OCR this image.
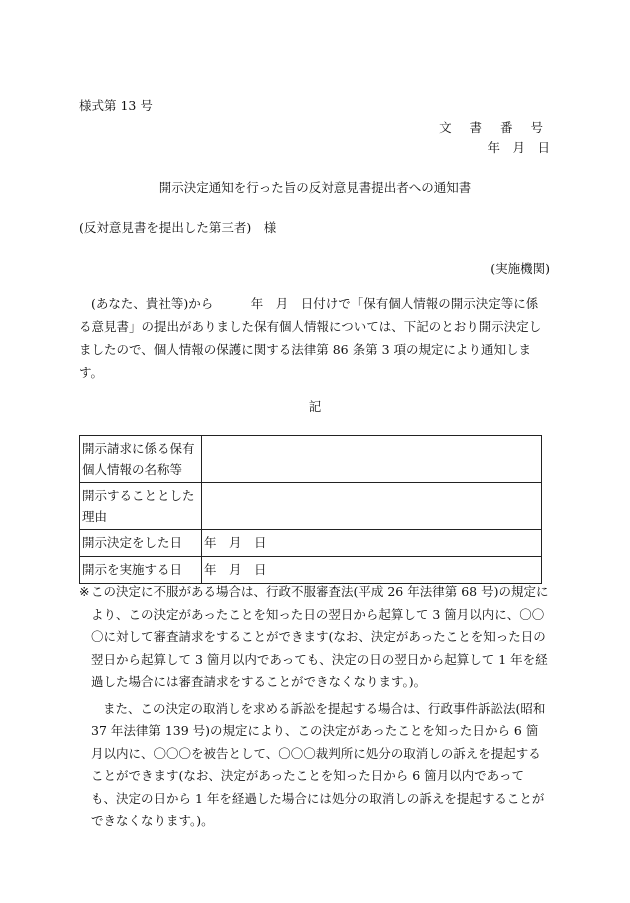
様式第 13 号
文 書 番 号
年　月　日
開示決定通知を行った旨の反対意見書提出者への通知書
(反対意見書を提出した第三者)　様
(実施機関)
(あなた、貴社等)から　　　年　月　日付けで「保有個人情報の開示決定等に係る意見書」の提出がありました保有個人情報については、下記のとおり開示決定しましたので、個人情報の保護に関する法律第 86 条第 3 項の規定により通知します。
記
開示請求に係る保有個人情報の名称等	
開示することとした理由	
開示決定をした日	年　月　日
開示を実施する日	年　月　日
※ この決定に不服がある場合は、行政不服審査法(平成 26 年法律第 68 号)の規定により、この決定があったことを知った日の翌日から起算して 3 箇月以内に、〇〇〇に対して審査請求をすることができます(なお、決定があったことを知った日の翌日から起算して 3 箇月以内であっても、決定の日の翌日から起算して 1 年を経過した場合には審査請求をすることができなくなります。)。
また、この決定の取消しを求める訴訟を提起する場合は、行政事件訴訟法(昭和 37 年法律第 139 号)の規定により、この決定があったことを知った日から 6 箇月以内に、〇〇〇を被告として、〇〇〇裁判所に処分の取消しの訴えを提起することができます(なお、決定があったことを知った日から 6 箇月以内であっても、決定の日から 1 年を経過した場合には処分の取消しの訴えを提起することができなくなります。)。
